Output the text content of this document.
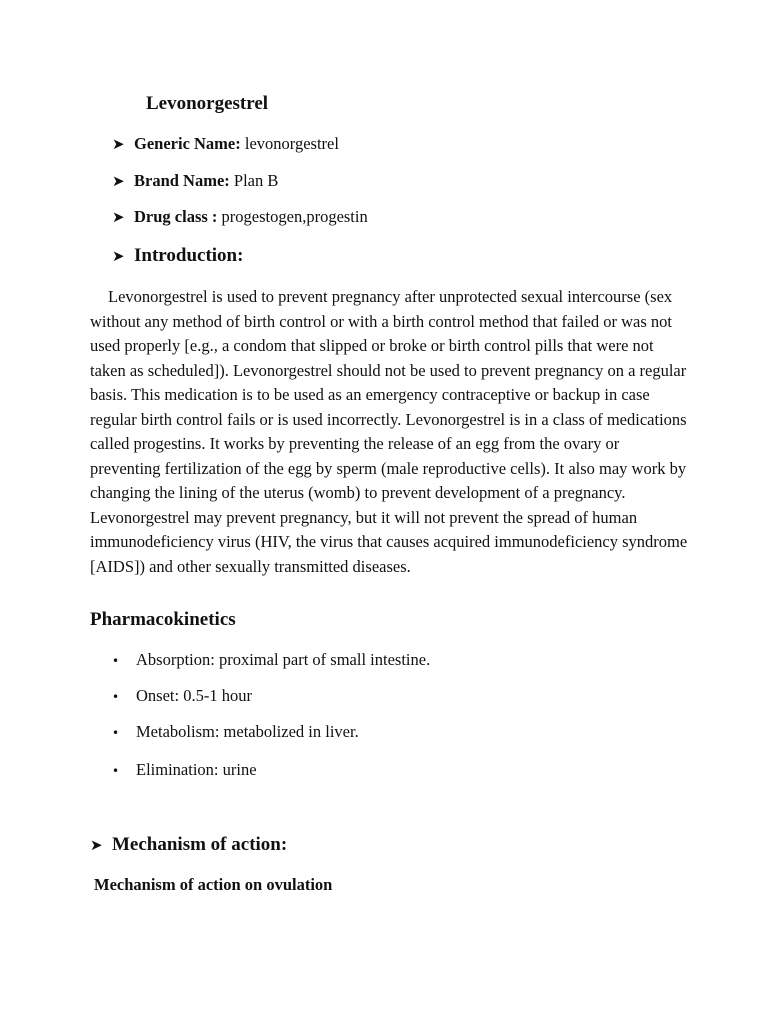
Levonorgestrel
➤ Generic Name: levonorgestrel
➤ Brand Name: Plan B
➤ Drug class : progestogen,progestin
➤ Introduction:
Levonorgestrel is used to prevent pregnancy after unprotected sexual intercourse (sex without any method of birth control or with a birth control method that failed or was not used properly [e.g., a condom that slipped or broke or birth control pills that were not taken as scheduled]). Levonorgestrel should not be used to prevent pregnancy on a regular basis. This medication is to be used as an emergency contraceptive or backup in case regular birth control fails or is used incorrectly. Levonorgestrel is in a class of medications called progestins. It works by preventing the release of an egg from the ovary or preventing fertilization of the egg by sperm (male reproductive cells). It also may work by changing the lining of the uterus (womb) to prevent development of a pregnancy. Levonorgestrel may prevent pregnancy, but it will not prevent the spread of human immunodeficiency virus (HIV, the virus that causes acquired immunodeficiency syndrome [AIDS]) and other sexually transmitted diseases.
Pharmacokinetics
• Absorption: proximal part of small intestine.
• Onset: 0.5-1 hour
• Metabolism: metabolized in liver.
• Elimination: urine
➤ Mechanism of action:
Mechanism of action on ovulation
